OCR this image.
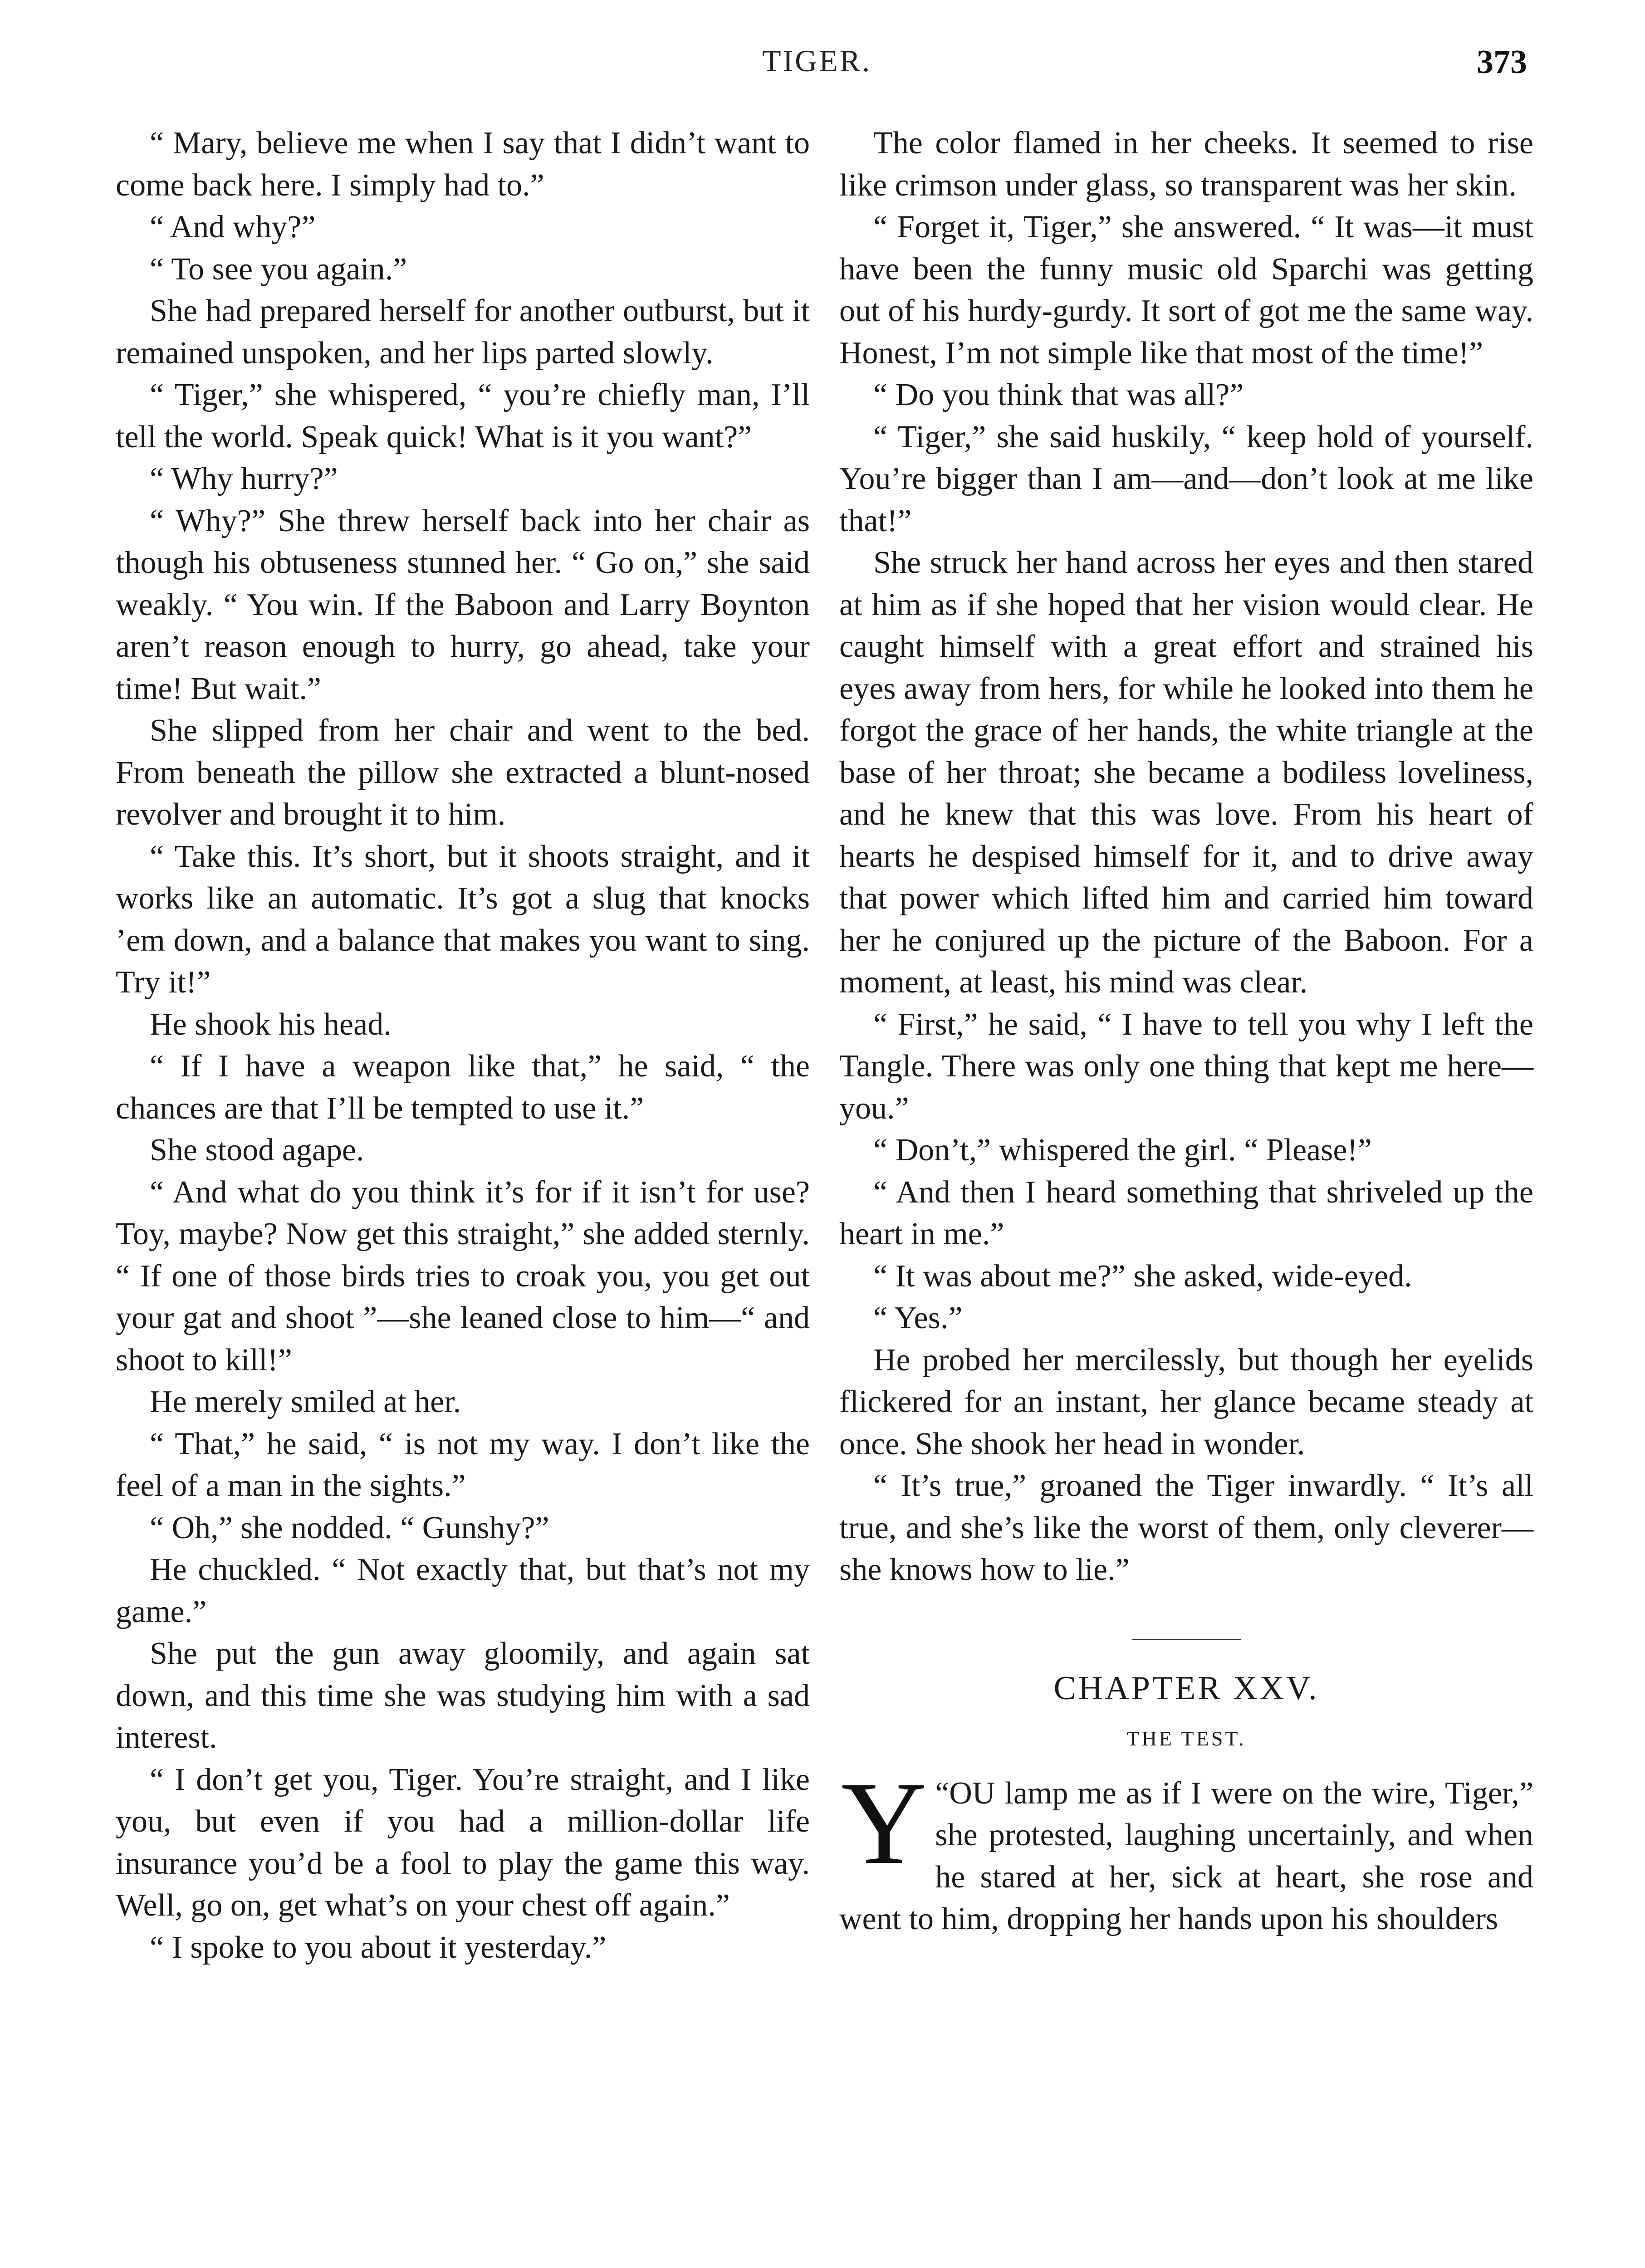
TIGER.	373

“ Mary, believe me when I say that I didn’t want to come back here. I simply had to.”

“ And why?”

“ To see you again.”

She had prepared herself for another outburst, but it remained unspoken, and her lips parted slowly.

“ Tiger,” she whispered, “ you’re chiefly man, I’ll tell the world. Speak quick! What is it you want?”

“ Why hurry?”

“ Why?” She threw herself back into her chair as though his obtuseness stunned her. “ Go on,” she said weakly. “ You win. If the Baboon and Larry Boynton aren’t reason enough to hurry, go ahead, take your time! But wait.”

She slipped from her chair and went to the bed. From beneath the pillow she extracted a blunt-nosed revolver and brought it to him.

“ Take this. It’s short, but it shoots straight, and it works like an automatic. It’s got a slug that knocks ’em down, and a balance that makes you want to sing. Try it!”

He shook his head.

“ If I have a weapon like that,” he said, “ the chances are that I’ll be tempted to use it.”

She stood agape.

“ And what do you think it’s for if it isn’t for use? Toy, maybe? Now get this straight,” she added sternly. “ If one of those birds tries to croak you, you get out your gat and shoot ”—she leaned close to him—“ and shoot to kill!”

He merely smiled at her.

“ That,” he said, “ is not my way. I don’t like the feel of a man in the sights.”

“ Oh,” she nodded. “ Gunshy?”

He chuckled. “ Not exactly that, but that’s not my game.”

She put the gun away gloomily, and again sat down, and this time she was studying him with a sad interest.

“ I don’t get you, Tiger. You’re straight, and I like you, but even if you had a million-dollar life insurance you’d be a fool to play the game this way. Well, go on, get what’s on your chest off again.”

“ I spoke to you about it yesterday.”

The color flamed in her cheeks. It seemed to rise like crimson under glass, so transparent was her skin.

“ Forget it, Tiger,” she answered. “ It was—it must have been the funny music old Sparchi was getting out of his hurdy-gurdy. It sort of got me the same way. Honest, I’m not simple like that most of the time!”

“ Do you think that was all?”

“ Tiger,” she said huskily, “ keep hold of yourself. You’re bigger than I am—and—don’t look at me like that!”

She struck her hand across her eyes and then stared at him as if she hoped that her vision would clear. He caught himself with a great effort and strained his eyes away from hers, for while he looked into them he forgot the grace of her hands, the white triangle at the base of her throat; she became a bodiless loveliness, and he knew that this was love. From his heart of hearts he despised himself for it, and to drive away that power which lifted him and carried him toward her he conjured up the picture of the Baboon. For a moment, at least, his mind was clear.

“ First,” he said, “ I have to tell you why I left the Tangle. There was only one thing that kept me here—you.”

“ Don’t,” whispered the girl. “ Please!”

“ And then I heard something that shriveled up the heart in me.”

“ It was about me?” she asked, wide-eyed.

“ Yes.”

He probed her mercilessly, but though her eyelids flickered for an instant, her glance became steady at once. She shook her head in wonder.

“ It’s true,” groaned the Tiger inwardly. “ It’s all true, and she’s like the worst of them, only cleverer—she knows how to lie.”

CHAPTER XXV.
THE TEST.

“
Y OU lamp me as if I were on the wire, Tiger,” she protested, laughing uncertainly, and when he stared at her, sick at heart, she rose and went to him, dropping her hands upon his shoulders
